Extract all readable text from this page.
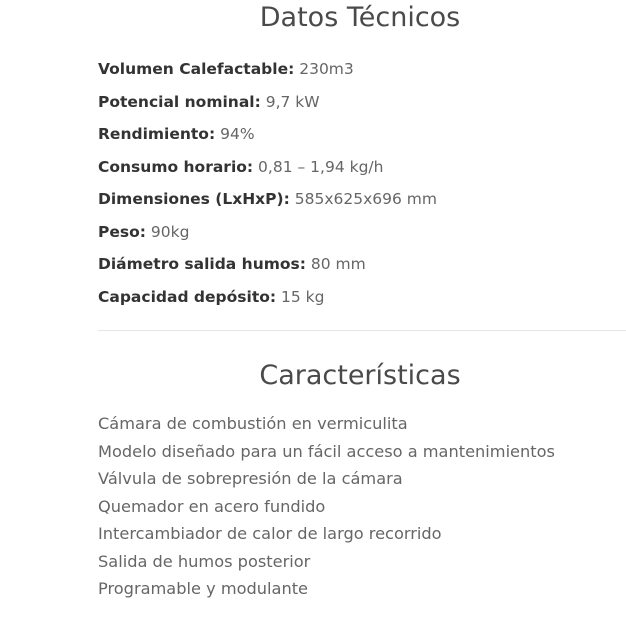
Datos Técnicos
Volumen Calefactable: 230m3
Potencial nominal: 9,7 kW
Rendimiento: 94%
Consumo horario: 0,81 – 1,94 kg/h
Dimensiones (LxHxP): 585x625x696 mm
Peso: 90kg
Diámetro salida humos: 80 mm
Capacidad depósito: 15 kg
Características
Cámara de combustión en vermiculita
Modelo diseñado para un fácil acceso a mantenimientos
Válvula de sobrepresión de la cámara
Quemador en acero fundido
Intercambiador de calor de largo recorrido
Salida de humos posterior
Programable y modulante
